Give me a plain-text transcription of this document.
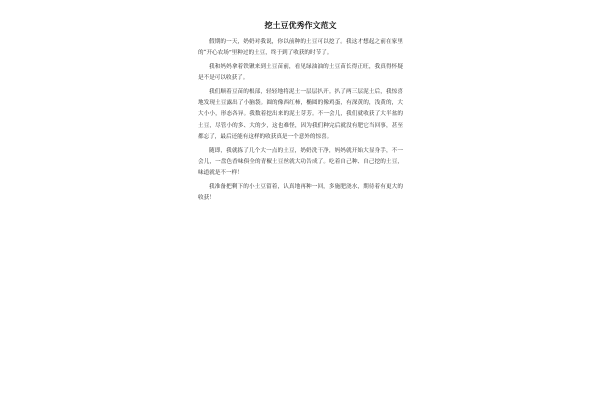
挖土豆优秀作文范文

假期的一天，奶奶对我说，你以前种的土豆可以挖了。我这才想起之前在家里的“开心农场”里种过的土豆，终于到了收获的时节了。

我和妈妈拿着铁锹来到土豆苗前，看见绿油油的土豆苗长得正旺，我真得怀疑是不是可以收获了。

我们顺着豆苗的根部，轻轻地将泥土一层层扒开。扒了两三层泥土后，我惊喜地发现土豆露出了小脑袋。圆的像西红柿，椭圆的像鸡蛋，有深黄的，浅黄的，大大小小，形态各异。我数着挖出来的泥土芽芳。不一会儿，我们就收获了大半盆的土豆，尽管小的多、大的少，这也难怪，因为我们种完后就没有肥它当回事，甚至都忘了，最后还能有这样的收获真是一个意外的惊喜。

随即，我就拣了几个大一点的土豆，奶奶洗干净，妈妈就开始大显身手，不一会儿，一盘色香味俱全的青椒土豆丝就大功告成了。吃着自己种、自己挖的土豆，味道就是不一样！

我准备把剩下的小土豆留着，认真地再种一回，多施肥浇水，期待着有更大的收获！
